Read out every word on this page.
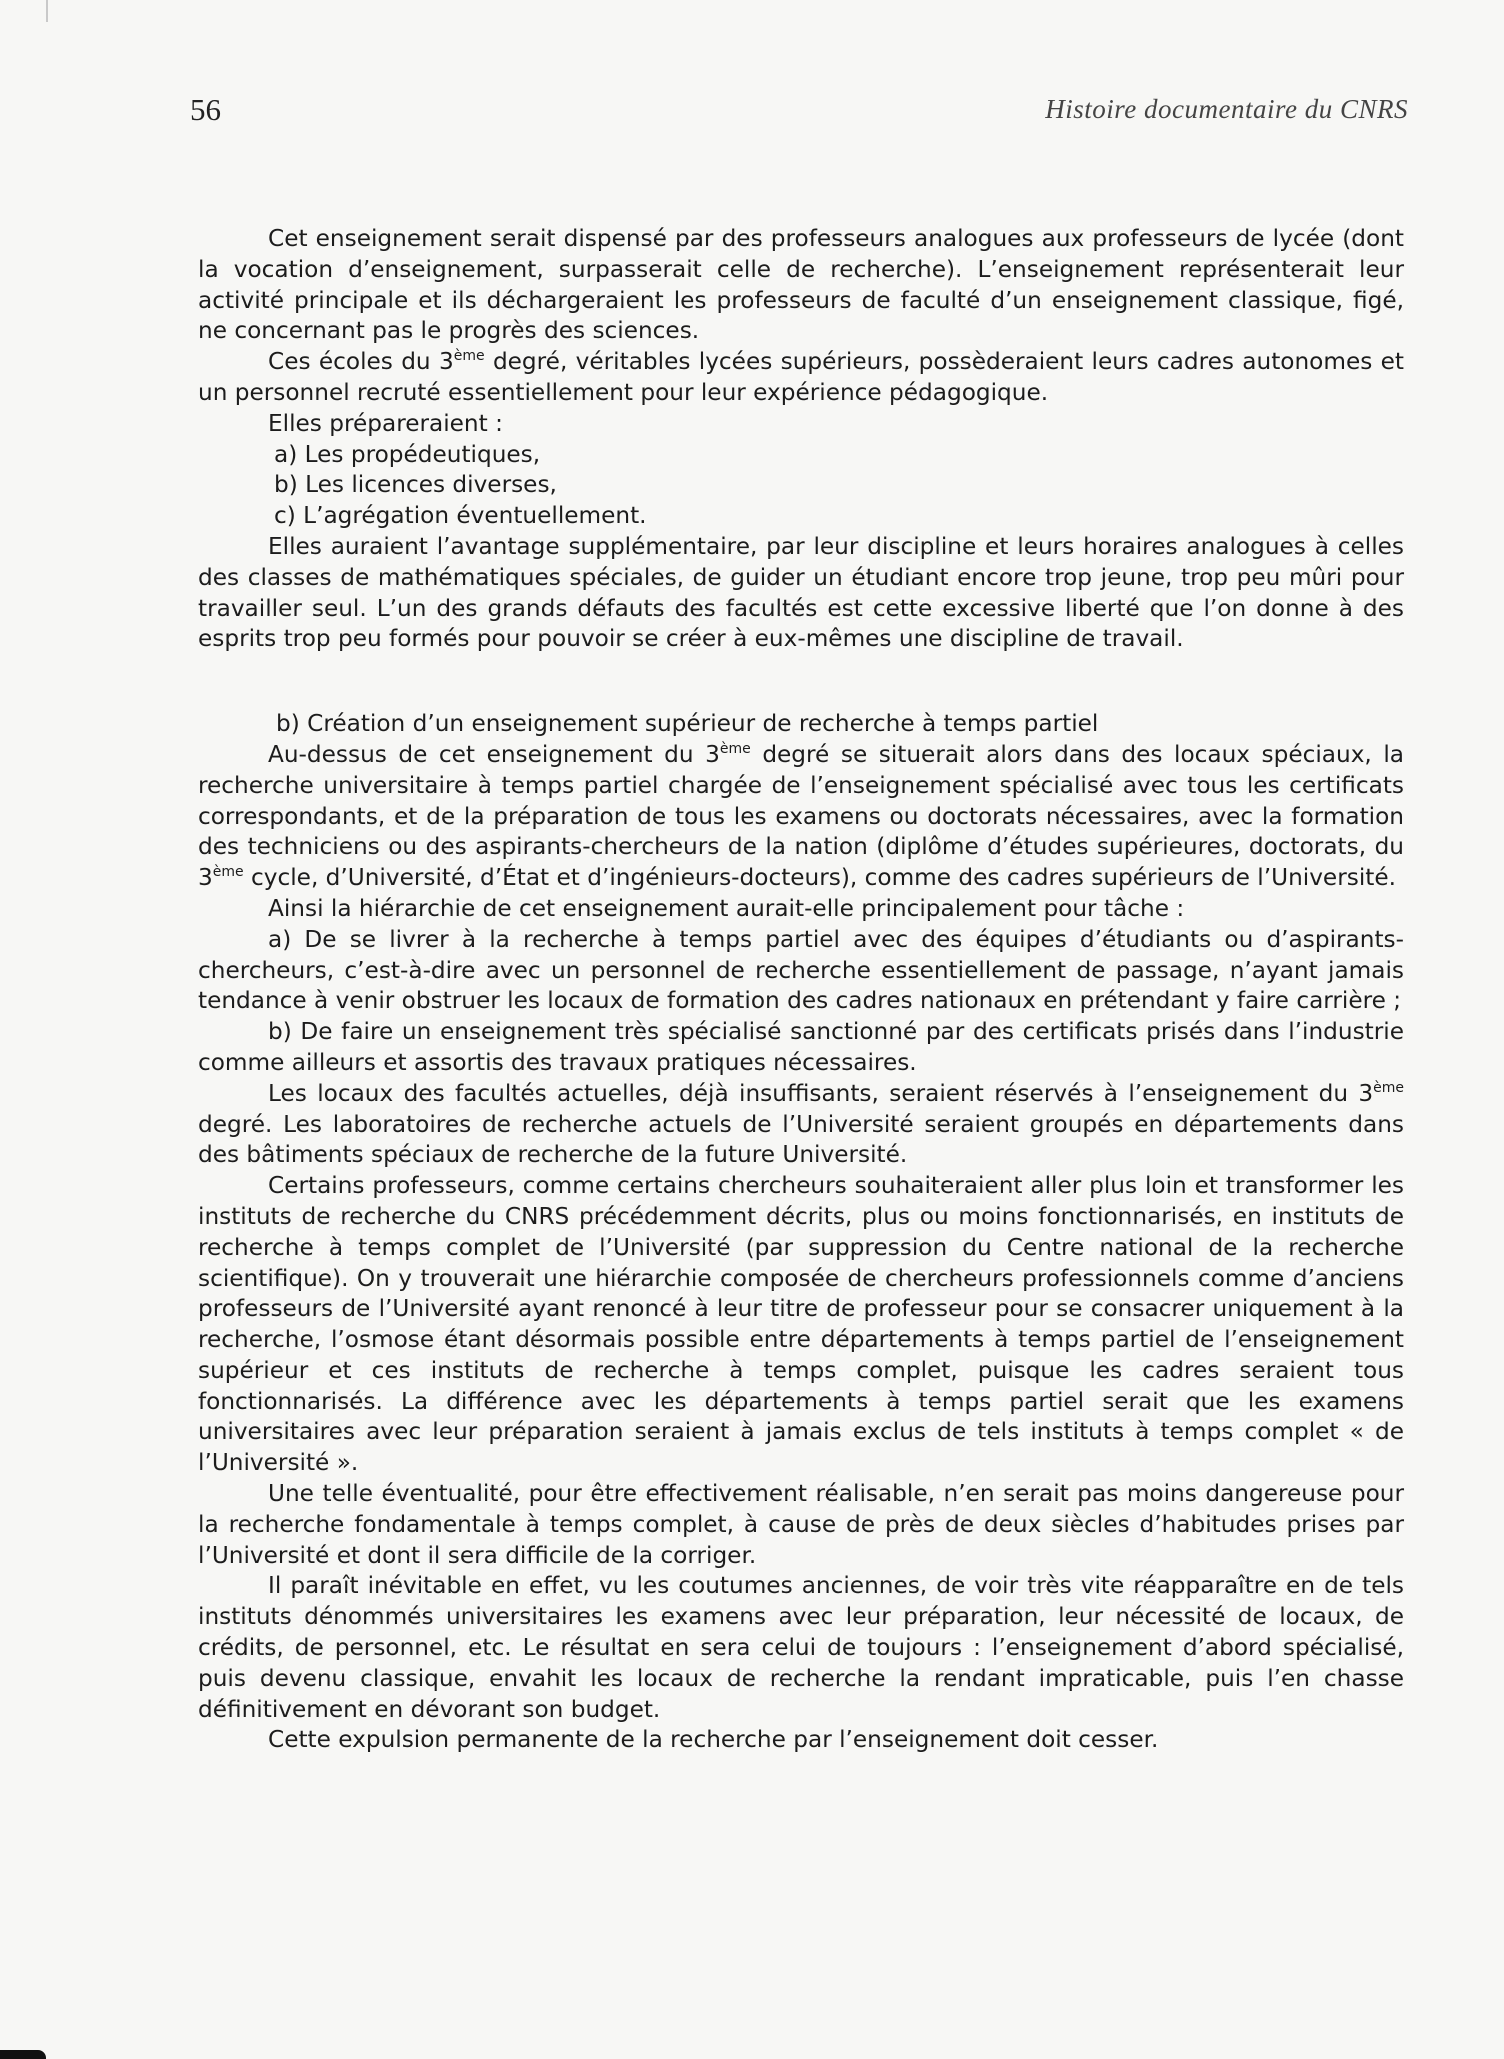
56	Histoire documentaire du CNRS

Cet enseignement serait dispensé par des professeurs analogues aux professeurs de lycée (dont la vocation d’enseignement, surpasserait celle de recherche). L’enseignement représenterait leur activité principale et ils déchargeraient les professeurs de faculté d’un enseignement classique, figé, ne concernant pas le progrès des sciences.

Ces écoles du 3ème degré, véritables lycées supérieurs, possèderaient leurs cadres autonomes et un personnel recruté essentiellement pour leur expérience pédagogique.

Elles prépareraient :

a) Les propédeutiques,

b) Les licences diverses,

c) L’agrégation éventuellement.

Elles auraient l’avantage supplémentaire, par leur discipline et leurs horaires analogues à celles des classes de mathématiques spéciales, de guider un étudiant encore trop jeune, trop peu mûri pour travailler seul. L’un des grands défauts des facultés est cette excessive liberté que l’on donne à des esprits trop peu formés pour pouvoir se créer à eux-mêmes une discipline de travail.

b) Création d’un enseignement supérieur de recherche à temps partiel

Au-dessus de cet enseignement du 3ème degré se situerait alors dans des locaux spéciaux, la recherche universitaire à temps partiel chargée de l’enseignement spécialisé avec tous les certificats correspondants, et de la préparation de tous les examens ou doctorats nécessaires, avec la formation des techniciens ou des aspirants-chercheurs de la nation (diplôme d’études supérieures, doctorats, du 3ème cycle, d’Université, d’État et d’ingénieurs-docteurs), comme des cadres supérieurs de l’Université.

Ainsi la hiérarchie de cet enseignement aurait-elle principalement pour tâche :

a) De se livrer à la recherche à temps partiel avec des équipes d’étudiants ou d’aspirants-chercheurs, c’est-à-dire avec un personnel de recherche essentiellement de passage, n’ayant jamais tendance à venir obstruer les locaux de formation des cadres nationaux en prétendant y faire carrière ;

b) De faire un enseignement très spécialisé sanctionné par des certificats prisés dans l’industrie comme ailleurs et assortis des travaux pratiques nécessaires.

Les locaux des facultés actuelles, déjà insuffisants, seraient réservés à l’enseignement du 3ème degré. Les laboratoires de recherche actuels de l’Université seraient groupés en départements dans des bâtiments spéciaux de recherche de la future Université.

Certains professeurs, comme certains chercheurs souhaiteraient aller plus loin et transformer les instituts de recherche du CNRS précédemment décrits, plus ou moins fonctionnarisés, en instituts de recherche à temps complet de l’Université (par suppression du Centre national de la recherche scientifique). On y trouverait une hiérarchie composée de chercheurs professionnels comme d’anciens professeurs de l’Université ayant renoncé à leur titre de professeur pour se consacrer uniquement à la recherche, l’osmose étant désormais possible entre départements à temps partiel de l’enseignement supérieur et ces instituts de recherche à temps complet, puisque les cadres seraient tous fonctionnarisés. La différence avec les départements à temps partiel serait que les examens universitaires avec leur préparation seraient à jamais exclus de tels instituts à temps complet « de l’Université ».

Une telle éventualité, pour être effectivement réalisable, n’en serait pas moins dangereuse pour la recherche fondamentale à temps complet, à cause de près de deux siècles d’habitudes prises par l’Université et dont il sera difficile de la corriger.

Il paraît inévitable en effet, vu les coutumes anciennes, de voir très vite réapparaître en de tels instituts dénommés universitaires les examens avec leur préparation, leur nécessité de locaux, de crédits, de personnel, etc. Le résultat en sera celui de toujours : l’enseignement d’abord spécialisé, puis devenu classique, envahit les locaux de recherche la rendant impraticable, puis l’en chasse définitivement en dévorant son budget.

Cette expulsion permanente de la recherche par l’enseignement doit cesser.
